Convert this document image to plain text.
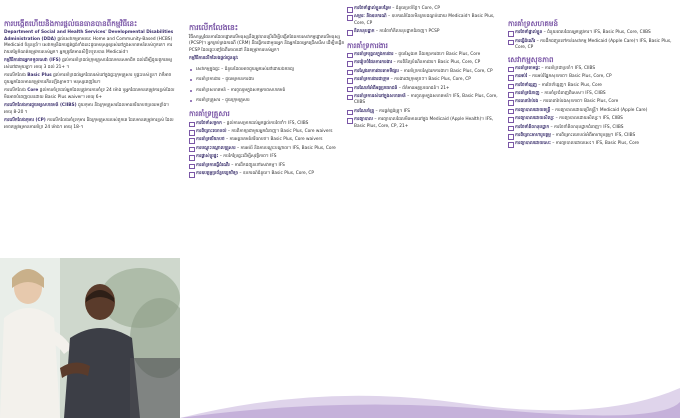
ការបង្កើតហើយនិងការផ្តល់ធនធានបានពីកម្មវិធីនេះ
Department of Social and Health Services' Developmental Disabilities Administration (DDA) ផ្តល់សេវាកម្មតាមរយៈ Home and Community-Based (HCBS) Medicaid ចំនួនប្រាំ។ សេវាកម្មនិងការផ្គត់ផ្គង់ទាំងនេះជួយមនុស្សឲ្យរស់នៅក្នុងសហគមន៍របស់ពួកគេ។ ការវាយតម្លៃកំណត់តម្រូវការរបស់អ្នក។ អ្នកត្រូវតែមានសិទ្ធិទទួលបាន Medicaid។
កម្មវិធីការងារអ្នកទទួលសេវា (IFS) ផ្តល់ការគាំទ្រដល់ក្រុមគ្រួសារដែលមានសមាជិក ដល់ដើម្បីជួយពួកគេឲ្យរស់នៅជាមួយគ្នា។ អាយុ 3 ដល់ 21+ ។
ការលើកលែង Basic Plus ផ្តល់ការគាំទ្រដល់អ្នកដែលរស់នៅក្នុងផ្ទះក្រុមគ្រួសារ ឬផ្ទះរបស់ខ្លួន។ វាក៏អាចជួយអ្នកដែលមានតម្រូវការកើនឡើងភ្លាមៗ។ មនុស្សពេញវ័យ។
ការលើកលែង Core ផ្តល់ការគាំទ្រដល់អ្នកដែលត្រូវការការគាំទ្រ 24 ម៉ោង ឬអ្នកដែលមានតម្រូវការខ្ពស់ដែលមិនអាចបំពេញបានដោយ Basic Plus waiver។ អាយុ 6+
ការលើកលែងការជួយឲ្យសហគមន៍ (CIIBS) ជួយកុមារ និងក្រុមគ្រួសារដែលមានឥរិយាបថប្រឈមខ្លាំង។ អាយុ 8-20 ។
ការលើកលែងកុមារ (CP) ការលើកលែងគាំទ្រកុមារ និងក្រុមគ្រួសាររបស់ពួកគេ ដែលមានតម្រូវការខ្ពស់ ដែលអាចតម្រូវឲ្យមានការគាំទ្រ 24 ម៉ោង។ អាយុ 18-។
ការលើកលែងនេះ
វិធីសាស្ត្រផែនការដែលផ្តោតលើមនុស្សនឹងត្រូវបានប្រើដើម្បីបង្កើតផែនការសេវាកម្មផ្តោតលើមនុស្ស (PCSP)។ អ្នកគ្រប់គ្រងករណី (CRM) នឹងធ្វើការជាមួយអ្នក និងអ្នកដែលអ្នកជ្រើសរើស ដើម្បីបង្កើត PCSP ដែលឆ្លុះបញ្ចាំងពីគោលដៅ និងតម្រូវការរបស់អ្នក។
កម្មវិធីការលើកលែងផ្តល់ជូននូវ:
សេវាកម្មក្នុងផ្ទះ – ជំនួយដែលអាចជួយអ្នករស់នៅដោយឯករាជ្យ
ការគាំទ្រការងារ – ជួយឲ្យមានការងារ
ការគាំទ្រសហគមន៍ – ការចូលរួមក្នុងសកម្មភាពសហគមន៍
ការគាំទ្រគ្រួសារ – ជួយក្រុមគ្រួសារ
ការគាំទ្រគ្រួសារ
ការថែទាំសម្រាក – ផ្តល់ការសម្រាកដល់អ្នកផ្តល់ការថែទាំ។ IFS, CIIBS
ការពិគ្រោះយោបល់ – ការពិភាក្សាជាមួយអ្នកជំនាញ។ Basic Plus, Core waivers
ការគាំទ្រឥរិយាបថ – ការអន្តរាគមន៍ឥរិយាបថ។ Basic Plus, Core waivers
ការបណ្តុះបណ្តាលគ្រួសារ – ការអប់រំ និងការបណ្តុះបណ្តាល។ IFS, Basic Plus, Core
ការផ្លាស់ប្តូរផ្ទះ – ការកែប្រែផ្ទះដើម្បីសុវត្ថិភាព។ IFS
ការគាំទ្រការធ្វើដំណើរ – ការដឹកជញ្ជូនទៅសេវាកម្ម។ IFS
ការឧបត្ថម្ភប្រព័ន្ធបច្ចេកវិទ្យា – ឧបករណ៍ជំនួយ។ Basic Plus, Core, CP
ការថែទាំផ្ទាល់ខ្លួនបន្ថែម – ជំនួយប្រចាំថ្ងៃ។ Core, CP
សម្ភារៈ និងឧបករណ៍ – ឧបករណ៍ដែលមិនគ្របដណ្តប់ដោយ Medicaid។ Basic Plus, Core, CP
គិលានុបដ្ឋាក – ការថែទាំគិលានុបដ្ឋាកជំនាញ។ PCSP
ការគាំទ្រការងារ
ការគាំទ្របុគ្គលក្នុងការងារ – ជួយស្វែងរក និងរក្សាការងារ។ Basic Plus, Core
ការរៀបចំផែនការការងារ – ការពិនិត្យបំណិនការងារ។ Basic Plus, Core, CP
ការស្វែងរកការងារតាមទីផ្សារ – ការគាំទ្រការស្វែងរកការងារ។ Basic Plus, Core, CP
ការគាំទ្រការងារជាក្រុម – ការងារជាក្រុមតូចៗ។ Basic Plus, Core, CP
ការណែនាំអំពីអត្ថប្រយោជន៍ – ព័ត៌មានអត្ថប្រយោជន៍។ 21+
ការគាំទ្រការរស់នៅក្នុងសហគមន៍ – ការចូលរួមក្នុងសហគមន៍។ IFS, Basic Plus, Core, CIIBS
ការណែនាំគ្រូ – ការផ្គត់ផ្គង់គ្រូ។ IFS
ការព្យាបាល – ការព្យាបាលដែលមិនមាននៅក្នុង Medicaid (Apple Health)។ IFS, Basic Plus, Core, CP, 21+
ការគាំទ្រសហគមន៍
ការថែទាំផ្ទាល់ខ្លួន – ជំនួយពេលដែលអ្នកត្រូវការ។ IFS, Basic Plus, Core, CIIBS
ការធ្វើដំណើរ – ការដឹកជញ្ជូនទៅកាន់សេវាកម្ម Medicaid (Apple Care)។ IFS, Basic Plus, Core, CP
សេវាកម្មសុខភាព
ការគាំទ្រតាមផ្ទះ – ការគាំទ្រជាប្រចាំ។ IFS, CIIBS
ការអប់រំ – ការអប់រំផ្នែកសុខភាព។ Basic Plus, Core, CP
ការថែទាំធ្មេញ – ការថែទាំធ្មេញ។ Basic Plus, Core
ការគាំទ្រជំនាញ – ការគាំទ្រជំនាញពិសេស។ IFS, CIIBS
ការធានារ៉ាប់រង – ការធានារ៉ាប់រងសុខភាព។ Basic Plus, Core
ការព្យាបាលដោយតន្ត្រី – ការព្យាបាលដោយប្រើតន្ត្រី។ Medicaid (Apple Care)
ការព្យាបាលដោយសិល្បៈ – ការព្យាបាលដោយសិល្បៈ។ IFS, CIIBS
ការថែទាំគិលានុបដ្ឋាក – ការថែទាំគិលានុបដ្ឋាកជំនាញ។ IFS, CIIBS
ការពិគ្រោះអាហារូបត្ថម្ភ – ការពិគ្រោះយោបល់អំពីអាហារូបត្ថម្ភ។ IFS, CIIBS
ការព្យាបាលដោយសេះ – ការព្យាបាលដោយសេះ។ IFS, Basic Plus, Core
